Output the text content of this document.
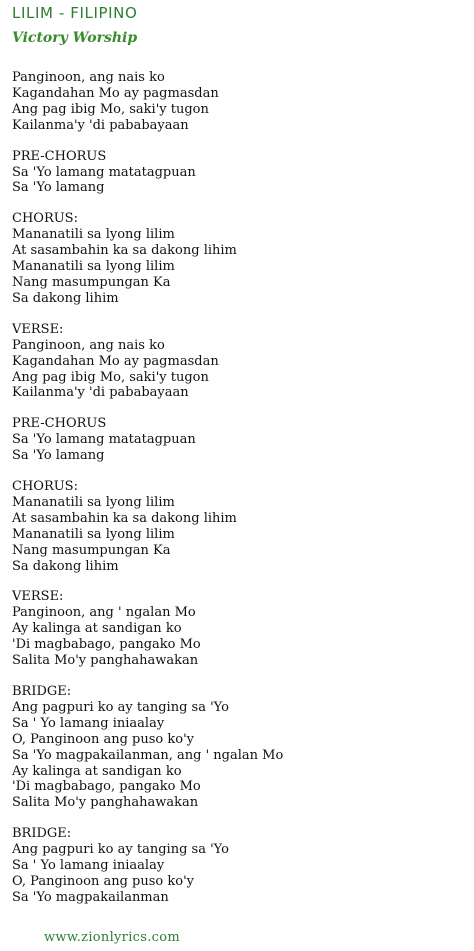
LILIM - FILIPINO
Victory Worship
Panginoon, ang nais ko
Kagandahan Mo ay pagmasdan
Ang pag ibig Mo, saki'y tugon
Kailanma'y 'di pababayaan
PRE-CHORUS
Sa 'Yo lamang matatagpuan
Sa 'Yo lamang
CHORUS:
Mananatili sa lyong lilim
At sasambahin ka sa dakong lihim
Mananatili sa lyong lilim
Nang masumpungan Ka
Sa dakong lihim
VERSE:
Panginoon, ang nais ko
Kagandahan Mo ay pagmasdan
Ang pag ibig Mo, saki'y tugon
Kailanma'y 'di pababayaan
PRE-CHORUS
Sa 'Yo lamang matatagpuan
Sa 'Yo lamang
CHORUS:
Mananatili sa lyong lilim
At sasambahin ka sa dakong lihim
Mananatili sa lyong lilim
Nang masumpungan Ka
Sa dakong lihim
VERSE:
Panginoon, ang ' ngalan Mo
Ay kalinga at sandigan ko
'Di magbabago, pangako Mo
Salita Mo'y panghahawakan
BRIDGE:
Ang pagpuri ko ay tanging sa 'Yo
Sa ' Yo lamang iniaalay
O, Panginoon ang puso ko'y
Sa 'Yo magpakailanman, ang ' ngalan Mo
Ay kalinga at sandigan ko
'Di magbabago, pangako Mo
Salita Mo'y panghahawakan
BRIDGE:
Ang pagpuri ko ay tanging sa 'Yo
Sa ' Yo lamang iniaalay
O, Panginoon ang puso ko'y
Sa 'Yo magpakailanman
www.zionlyrics.com
